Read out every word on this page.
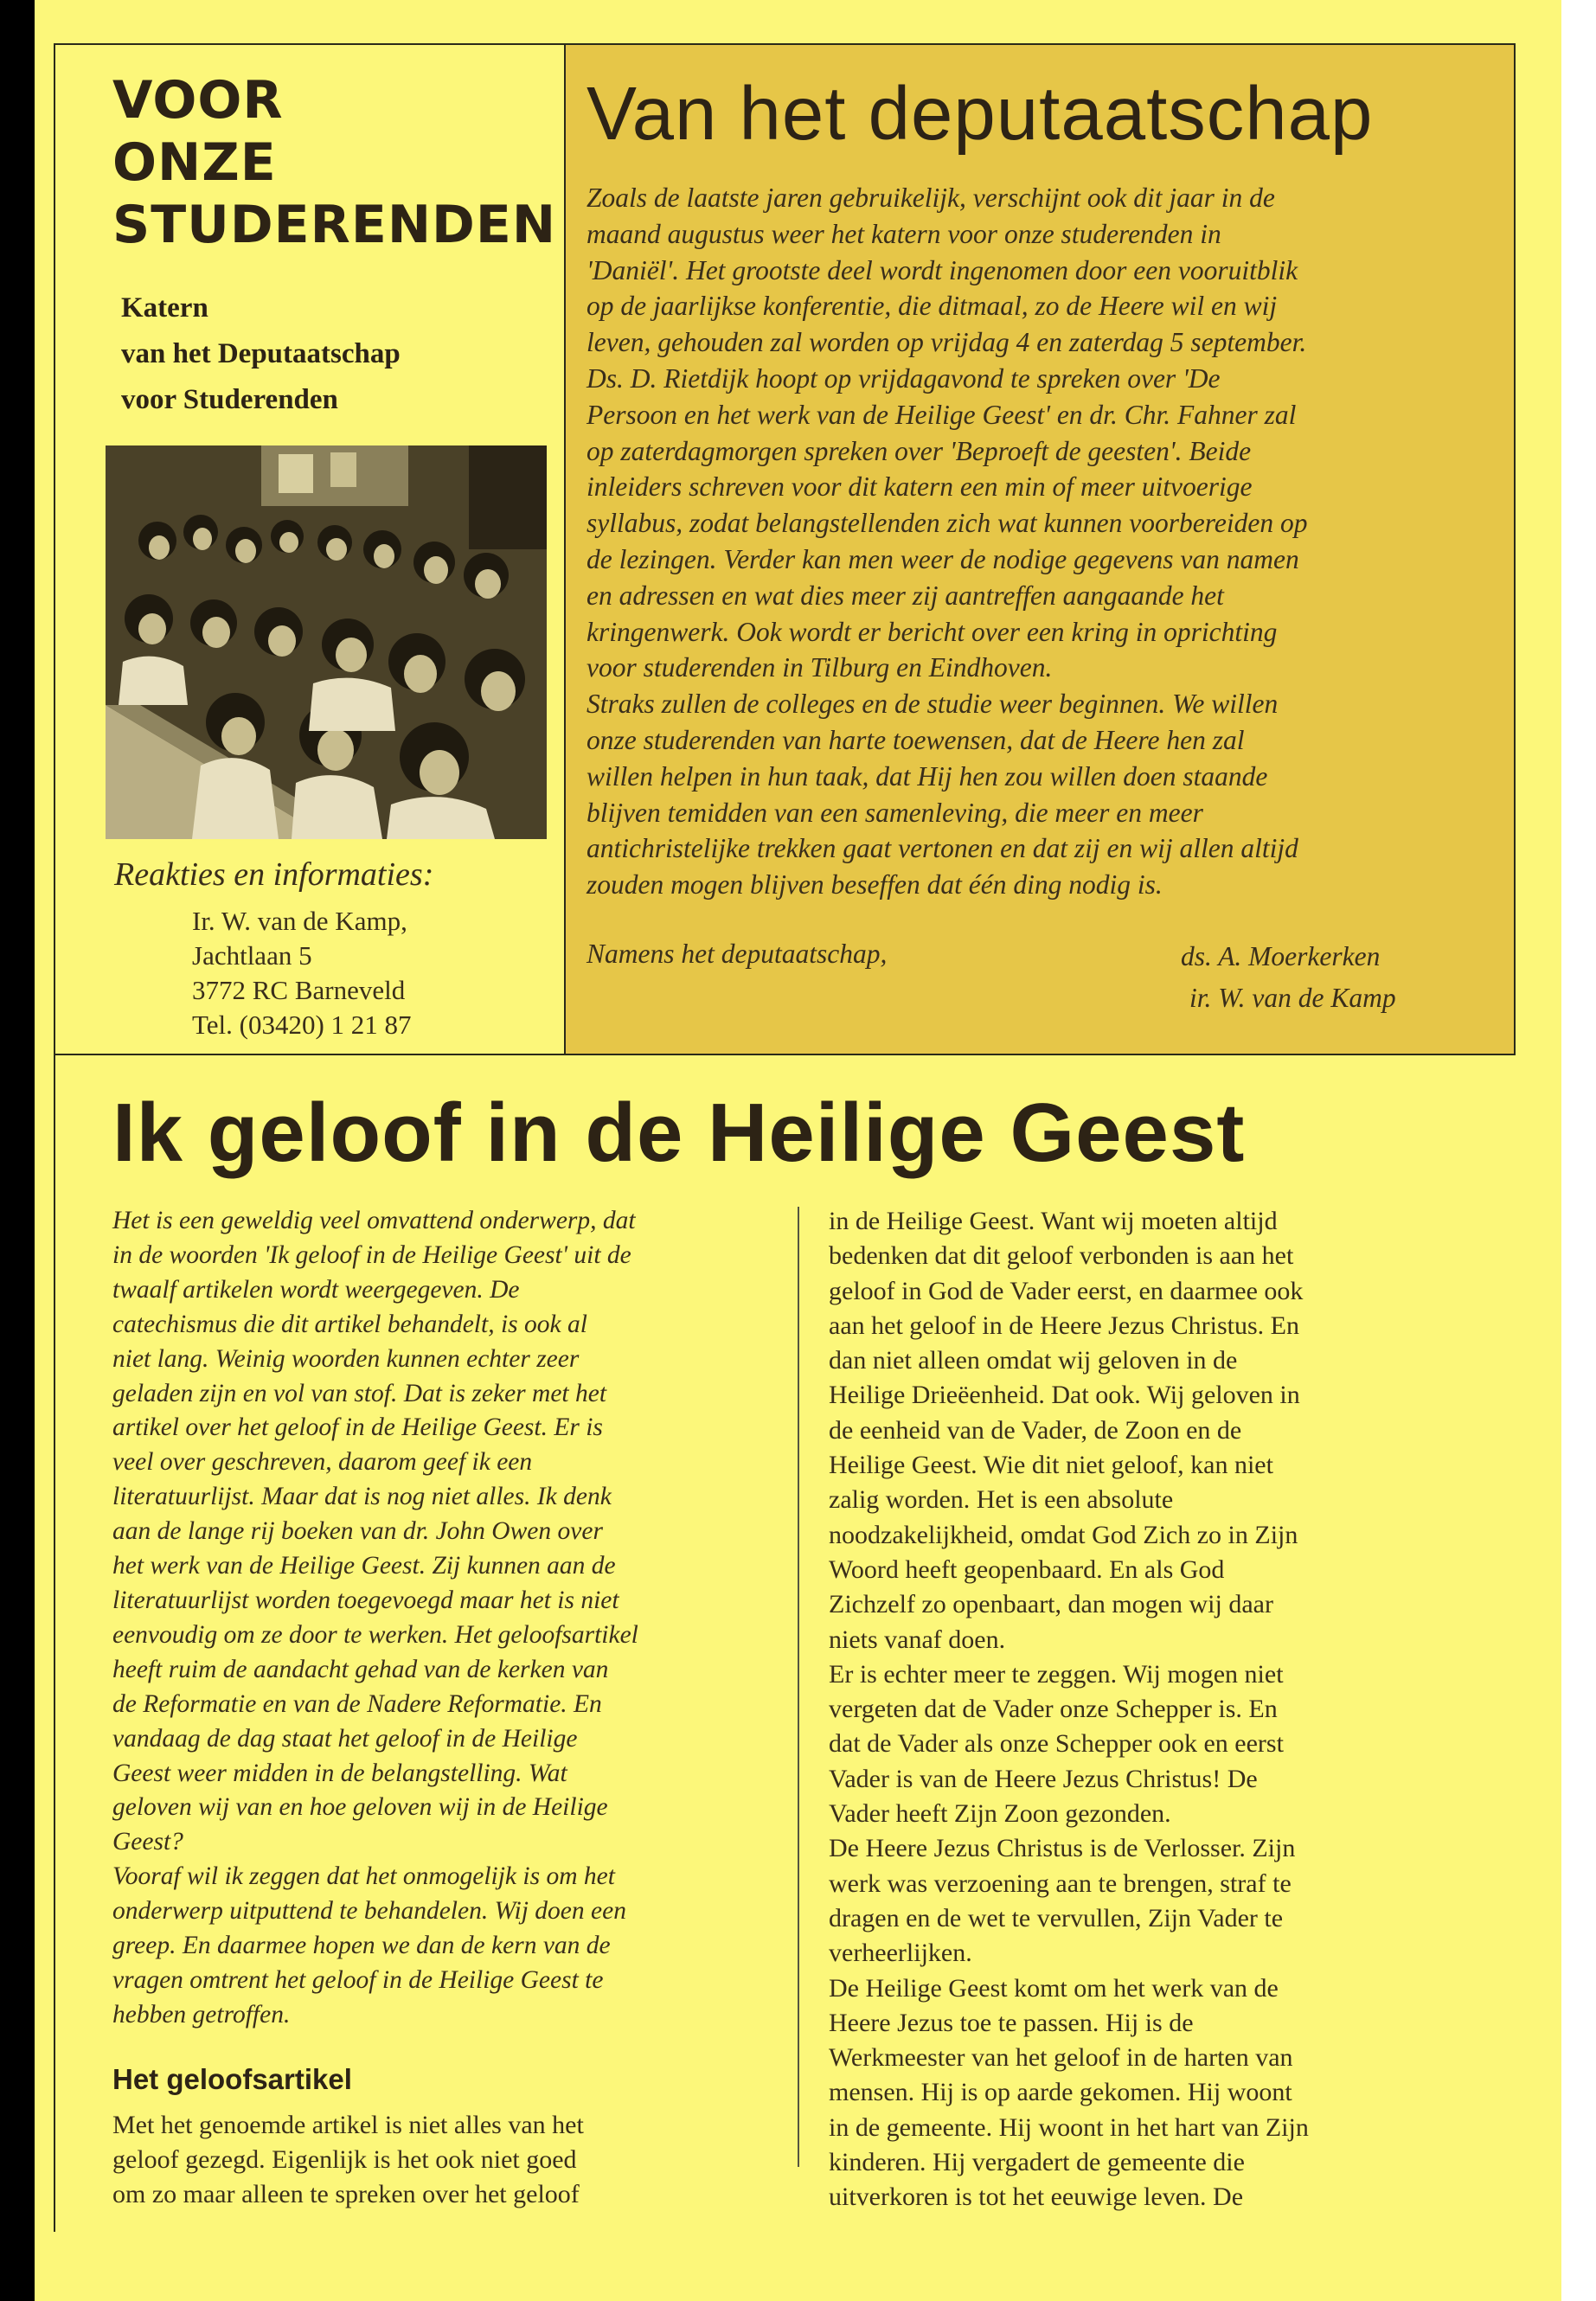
VOOR
ONZE
STUDERENDEN
Katern
van het Deputaatschap
voor Studerenden
Reakties en informaties:
Ir. W. van de Kamp,
Jachtlaan 5
3772 RC Barneveld
Tel. (03420) 1 21 87
Van het deputaatschap
Zoals de laatste jaren gebruikelijk, verschijnt ook dit jaar in de
maand augustus weer het katern voor onze studerenden in
'Daniël'. Het grootste deel wordt ingenomen door een vooruitblik
op de jaarlijkse konferentie, die ditmaal, zo de Heere wil en wij
leven, gehouden zal worden op vrijdag 4 en zaterdag 5 september.
Ds. D. Rietdijk hoopt op vrijdagavond te spreken over 'De
Persoon en het werk van de Heilige Geest' en dr. Chr. Fahner zal
op zaterdagmorgen spreken over 'Beproeft de geesten'. Beide
inleiders schreven voor dit katern een min of meer uitvoerige
syllabus, zodat belangstellenden zich wat kunnen voorbereiden op
de lezingen. Verder kan men weer de nodige gegevens van namen
en adressen en wat dies meer zij aantreffen aangaande het
kringenwerk. Ook wordt er bericht over een kring in oprichting
voor studerenden in Tilburg en Eindhoven.
Straks zullen de colleges en de studie weer beginnen. We willen
onze studerenden van harte toewensen, dat de Heere hen zal
willen helpen in hun taak, dat Hij hen zou willen doen staande
blijven temidden van een samenleving, die meer en meer
antichristelijke trekken gaat vertonen en dat zij en wij allen altijd
zouden mogen blijven beseffen dat één ding nodig is.
Namens het deputaatschap,	ds. A. Moerkerken
ir. W. van de Kamp
Ik geloof in de Heilige Geest
Het is een geweldig veel omvattend onderwerp, dat
in de woorden 'Ik geloof in de Heilige Geest' uit de
twaalf artikelen wordt weergegeven. De
catechismus die dit artikel behandelt, is ook al
niet lang. Weinig woorden kunnen echter zeer
geladen zijn en vol van stof. Dat is zeker met het
artikel over het geloof in de Heilige Geest. Er is
veel over geschreven, daarom geef ik een
literatuurlijst. Maar dat is nog niet alles. Ik denk
aan de lange rij boeken van dr. John Owen over
het werk van de Heilige Geest. Zij kunnen aan de
literatuurlijst worden toegevoegd maar het is niet
eenvoudig om ze door te werken. Het geloofsartikel
heeft ruim de aandacht gehad van de kerken van
de Reformatie en van de Nadere Reformatie. En
vandaag de dag staat het geloof in de Heilige
Geest weer midden in de belangstelling. Wat
geloven wij van en hoe geloven wij in de Heilige
Geest?
Vooraf wil ik zeggen dat het onmogelijk is om het
onderwerp uitputtend te behandelen. Wij doen een
greep. En daarmee hopen we dan de kern van de
vragen omtrent het geloof in de Heilige Geest te
hebben getroffen.
Het geloofsartikel
Met het genoemde artikel is niet alles van het
geloof gezegd. Eigenlijk is het ook niet goed
om zo maar alleen te spreken over het geloof
in de Heilige Geest. Want wij moeten altijd
bedenken dat dit geloof verbonden is aan het
geloof in God de Vader eerst, en daarmee ook
aan het geloof in de Heere Jezus Christus. En
dan niet alleen omdat wij geloven in de
Heilige Drieëenheid. Dat ook. Wij geloven in
de eenheid van de Vader, de Zoon en de
Heilige Geest. Wie dit niet geloof, kan niet
zalig worden. Het is een absolute
noodzakelijkheid, omdat God Zich zo in Zijn
Woord heeft geopenbaard. En als God
Zichzelf zo openbaart, dan mogen wij daar
niets vanaf doen.
Er is echter meer te zeggen. Wij mogen niet
vergeten dat de Vader onze Schepper is. En
dat de Vader als onze Schepper ook en eerst
Vader is van de Heere Jezus Christus! De
Vader heeft Zijn Zoon gezonden.
De Heere Jezus Christus is de Verlosser. Zijn
werk was verzoening aan te brengen, straf te
dragen en de wet te vervullen, Zijn Vader te
verheerlijken.
De Heilige Geest komt om het werk van de
Heere Jezus toe te passen. Hij is de
Werkmeester van het geloof in de harten van
mensen. Hij is op aarde gekomen. Hij woont
in de gemeente. Hij woont in het hart van Zijn
kinderen. Hij vergadert de gemeente die
uitverkoren is tot het eeuwige leven. De
